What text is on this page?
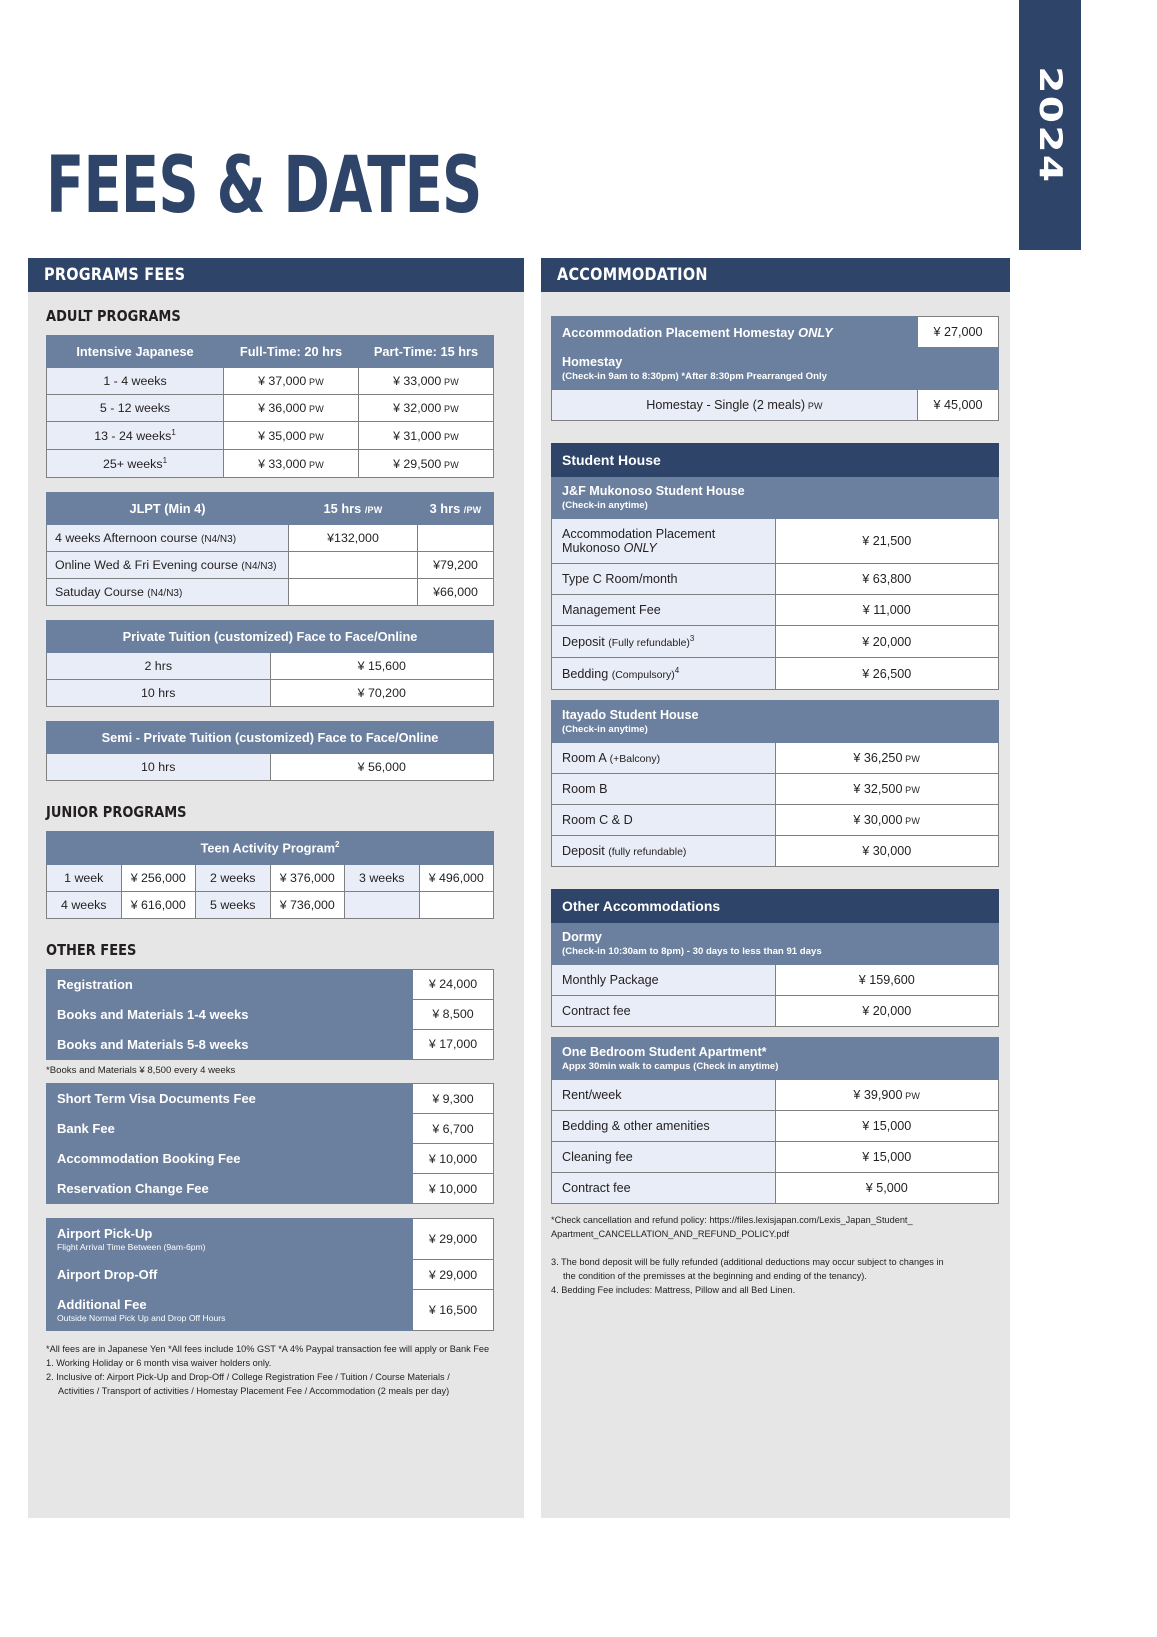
2024
FEES & DATES
PROGRAMS FEES
ADULT PROGRAMS
Intensive Japanese	Full-Time: 20 hrs	Part-Time: 15 hrs
1 - 4 weeks	¥ 37,000 PW	¥ 33,000 PW
5 - 12 weeks	¥ 36,000 PW	¥ 32,000 PW
13 - 24 weeks$^1$	¥ 35,000 PW	¥ 31,000 PW
25+ weeks$^1$	¥ 33,000 PW	¥ 29,500 PW
JLPT (Min 4)	15 hrs /PW	3 hrs /PW
4 weeks Afternoon course (N4/N3)	¥132,000	
Online Wed & Fri Evening course (N4/N3)		¥79,200
Satuday Course (N4/N3)		¥66,000
Private Tuition (customized) Face to Face/Online	
2 hrs	¥ 15,600
10 hrs	¥ 70,200
Semi - Private Tuition (customized) Face to Face/Online
10 hrs	¥ 56,000
JUNIOR PROGRAMS
Teen Activity Program$^2$
1 week	¥ 256,000	2 weeks	¥ 376,000	3 weeks	¥ 496,000
4 weeks	¥ 616,000	5 weeks	¥ 736,000		
OTHER FEES
Registration	¥ 24,000
Books and Materials 1-4 weeks	¥ 8,500
Books and Materials 5-8 weeks	¥ 17,000
*Books and Materials ¥ 8,500 every 4 weeks
Short Term Visa Documents Fee	¥ 9,300
Bank Fee	¥ 6,700
Accommodation Booking Fee	¥ 10,000
Reservation Change Fee	¥ 10,000
Airport Pick-Up
Flight Arrival Time Between (9am-6pm)	¥ 29,000
Airport Drop-Off	¥ 29,000
Additional Fee
Outside Normal Pick Up and Drop Off Hours	¥ 16,500
*All fees are in Japanese Yen *All fees include 10% GST *A 4% Paypal transaction fee will apply or Bank Fee
1. Working Holiday or 6 month visa waiver holders only.
2. Inclusive of: Airport Pick-Up and Drop-Off / College Registration Fee / Tuition / Course Materials /
Activities / Transport of activities / Homestay Placement Fee / Accommodation (2 meals per day)
ACCOMMODATION
Accommodation Placement Homestay ONLY	¥ 27,000
Homestay
(Check-in 9am to 8:30pm) *After 8:30pm Prearranged Only	

Homestay - Single (2 meals) PW	¥ 45,000
Student House	
J&F Mukonoso Student House
(Check-in anytime)	

Accommodation Placement Mukonoso ONLY	¥ 21,500
Type C Room/month	¥ 63,800
Management Fee	¥ 11,000
Deposit (Fully refundable)$^3$	¥ 20,000
Bedding (Compulsory)$^4$	¥ 26,500
Itayado Student House
(Check-in anytime)	

Room A (+Balcony)	¥ 36,250 PW
Room B	¥ 32,500 PW
Room C & D	¥ 30,000 PW
Deposit (fully refundable)	¥ 30,000
Other Accommodations	
Dormy
(Check-in 10:30am to 8pm) - 30 days to less than 91 days	

Monthly Package	¥ 159,600
Contract fee	¥ 20,000
One Bedroom Student Apartment*
Appx 30min walk to campus (Check in anytime)	

Rent/week	¥ 39,900 PW
Bedding & other amenities	¥ 15,000
Cleaning fee	¥ 15,000
Contract fee	¥ 5,000
*Check cancellation and refund policy: https://files.lexisjapan.com/Lexis_Japan_Student_
Apartment_CANCELLATION_AND_REFUND_POLICY.pdf
3. The bond deposit will be fully refunded (additional deductions may occur subject to changes in
the condition of the premisses at the beginning and ending of the tenancy).
4. Bedding Fee includes: Mattress, Pillow and all Bed Linen.
